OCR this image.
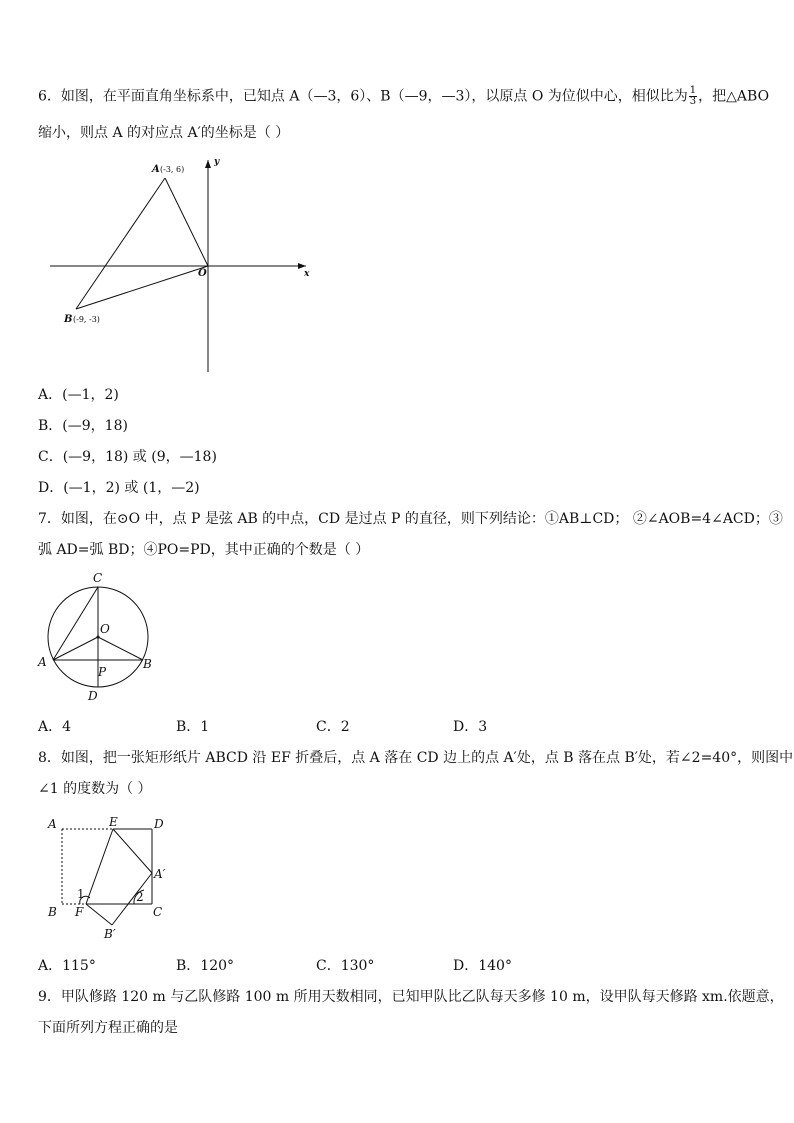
6．如图，在平面直角坐标系中，已知点 A（—3，6）、B（—9，—3），以原点 O 为位似中心，相似比为 $\frac{1}{3}$ ，把△ABO
缩小，则点 A 的对应点 A′的坐标是（ ）
A (-3, 6)
B (-9, -3)
O	x
y
A．(—1，2)
B．(—9，18)
C．(—9，18) 或 (9，—18)
D．(—1，2) 或 (1，—2)
7．如图，在⊙O 中，点 P 是弦 AB 的中点，CD 是过点 P 的直径，则下列结论：①AB⊥CD； ②∠AOB=4∠ACD；③
弧 AD=弧 BD；④PO=PD，其中正确的个数是（ ）
C
O
A	B
P
D
A．4	B．1	C．2	D．3
8．如图，把一张矩形纸片 ABCD 沿 EF 折叠后，点 A 落在 CD 边上的点 A′处，点 B 落在点 B′处，若∠2=40°，则图中
∠1 的度数为（ ）
A	E	D
A′
B F	C
B′
1	2
A．115°	B．120°	C．130°	D．140°
9．甲队修路 120 m 与乙队修路 100 m 所用天数相同，已知甲队比乙队每天多修 10 m，设甲队每天修路 xm.依题意，
下面所列方程正确的是
